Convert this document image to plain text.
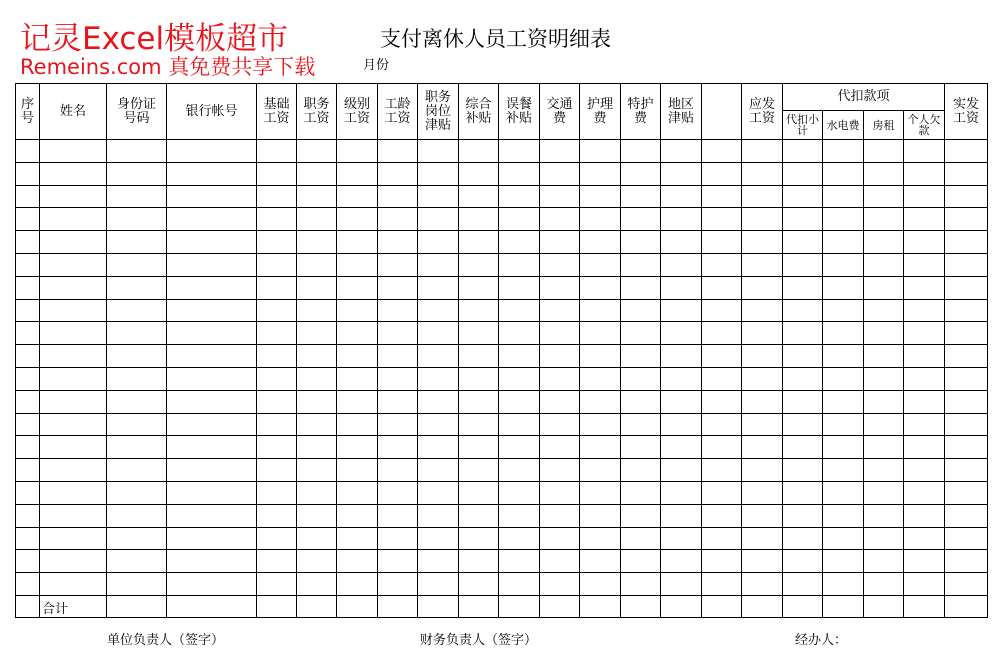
记灵Excel模板超市
Remeins.com 真免费共享下载
支付离休人员工资明细表
月份
序号	姓名	身份证号码	银行帐号	基础工资	职务工资	级别工资	工龄工资	职务岗位津贴	综合补贴	误餐补贴	交通费	护理费	特护费	地区津贴		应发工资	代扣款项				实发工资

																	代扣小计	水电费	房租	个人欠款	

	合计																				
单位负责人（签字）	财务负责人（签字）	经办人：
